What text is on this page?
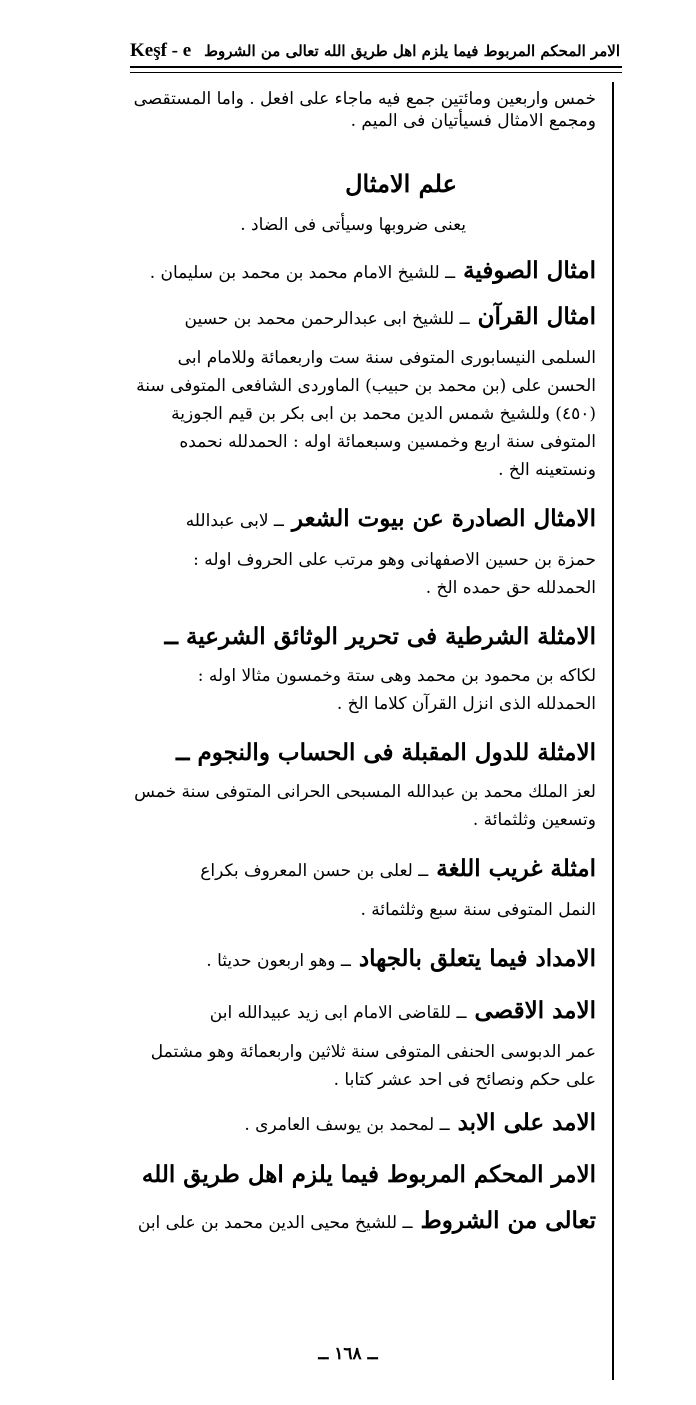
Keşf - e الامر المحكم المربوط فيما يلزم اهل طريق الله تعالى من الشروط
خمس واربعين ومائتين جمع فيه ماجاء على افعل . واما المستقصى
ومجمع الامثال فسيأتيان فى الميم .
علم الامثال
يعنى ضروبها وسيأتى فى الضاد .
امثال الصوفية ــ للشيخ الامام محمد بن محمد بن سليمان .
امثال القرآن ــ للشيخ ابى عبدالرحمن محمد بن حسين
السلمى النيسابورى المتوفى سنة ست واربعمائة وللامام ابى
الحسن على (بن محمد بن حبيب) الماوردى الشافعى المتوفى سنة
(٤٥٠) وللشيخ شمس الدين محمد بن ابى بكر بن قيم الجوزية
المتوفى سنة اربع وخمسين وسبعمائة اوله : الحمدلله نحمده
ونستعينه الخ .
الامثال الصادرة عن بيوت الشعر ــ لابى عبدالله
حمزة بن حسين الاصفهانى وهو مرتب على الحروف اوله :
الحمدلله حق حمده الخ .
الامثلة الشرطية فى تحرير الوثائق الشرعية ــ
لكاكه بن محمود بن محمد وهى ستة وخمسون مثالا اوله :
الحمدلله الذى انزل القرآن كلاما الخ .
الامثلة للدول المقبلة فى الحساب والنجوم ــ
لعز الملك محمد بن عبدالله المسبحى الحرانى المتوفى سنة خمس
وتسعين وثلثمائة .
امثلة غريب اللغة ــ لعلى بن حسن المعروف بكراع
النمل المتوفى سنة سبع وثلثمائة .
الامداد فيما يتعلق بالجهاد ــ وهو اربعون حديثا .
الامد الاقصى ــ للقاضى الامام ابى زيد عبيدالله ابن
عمر الدبوسى الحنفى المتوفى سنة ثلاثين واربعمائة وهو مشتمل
على حكم ونصائح فى احد عشر كتابا .
الامد على الابد ــ لمحمد بن يوسف العامرى .
الامر المحكم المربوط فيما يلزم اهل طريق الله
تعالى من الشروط ــ للشيخ محيى الدين محمد بن على ابن
ــ ١٦٨ ــ
